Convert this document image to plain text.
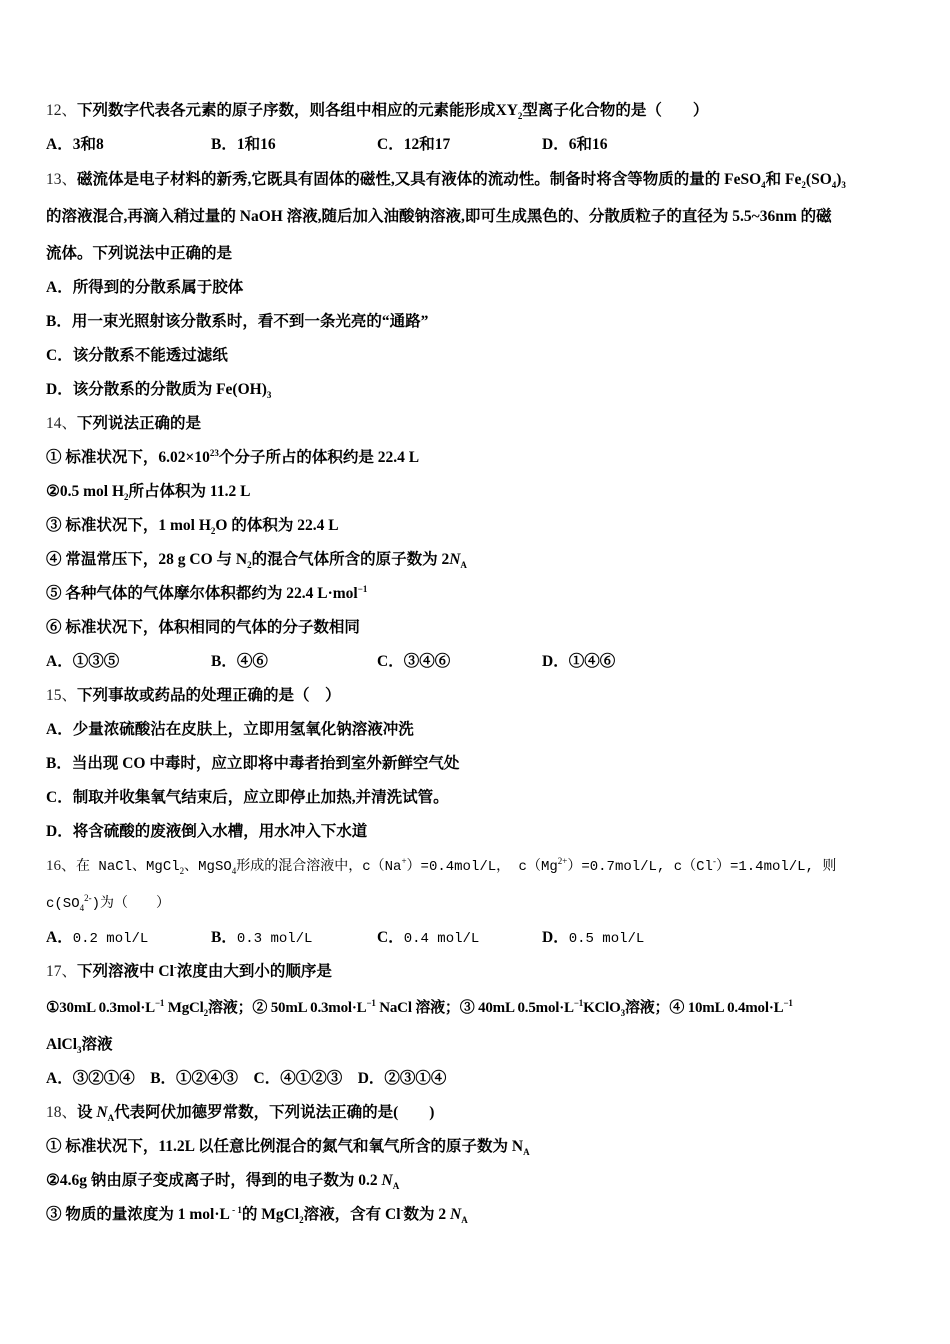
12、下列数字代表各元素的原子序数，则各组中相应的元素能形成$XY_2$型离子化合物的是（　　）
A．3和8	B．1和16	C．12和17	D．6和16
13、磁流体是电子材料的新秀,它既具有固体的磁性,又具有液体的流动性。制备时将含等物质的量的 FeSO$_4$和 $Fe_2(SO_4)_3$
的溶液混合,再滴入稍过量的 NaOH 溶液,随后加入油酸钠溶液,即可生成黑色的、分散质粒子的直径为 5.5~36nm 的磁
流体。下列说法中正确的是
A．所得到的分散系属于胶体
B．用一束光照射该分散系时，看不到一条光亮的“通路”
C．该分散系不能透过滤纸
D．该分散系的分散质为 $Fe(OH)_3$
14、下列说法正确的是
① 标准状况下，$6.02\times 10^{23}$个分子所占的体积约是 22.4 L
②0.5 mol $H_2$所占体积为 11.2 L
③ 标准状况下，1 mol $H_2O$ 的体积为 22.4 L
④ 常温常压下，28 g CO 与 $N_2$的混合气体所含的原子数为 $2N_A$
⑤ 各种气体的气体摩尔体积都约为 22.4 L·mol$^{-1}$
⑥ 标准状况下，体积相同的气体的分子数相同
A．①③⑤	B．④⑥	C．③④⑥	D．①④⑥
15、下列事故或药品的处理正确的是（　）
A．少量浓硫酸沾在皮肤上，立即用氢氧化钠溶液冲洗
B．当出现 CO 中毒时，应立即将中毒者抬到室外新鲜空气处
C．制取并收集氧气结束后，应立即停止加热,并清洗试管。
D．将含硫酸的废液倒入水槽，用水冲入下水道
16、在 NaCl、MgCl$_2$、MgSO$_4$形成的混合溶液中，c（Na+）=0.4mol/L， $c(Mg^{2+})=0.7mol/L$, c（Cl-）=1.4mol/L, 则
$c(SO_4^{2-})$为（　　）
A．0.2 mol/L	B．0.3 mol/L	C．0.4 mol/L	D．0.5 mol/L
17、下列溶液中 Cl-浓度由大到小的顺序是
①30mL $0.3mol\cdot L^{-1}$ MgCl$_2$溶液；② 50mL $0.3mol\cdot L^{-1}$ NaCl 溶液；③ 40mL $0.5mol\cdot L^{-1}KClO_3$溶液；④ 10mL $0.4mol\cdot L^{-1}$
AlCl$_3$溶液
A．③②①④　B．①②④③　C．④①②③　D．②③①④
18、设 $N_A$代表阿伏加德罗常数，下列说法正确的是(　　)
① 标准状况下，11.2L 以任意比例混合的氮气和氧气所含的原子数为 $N_A$
②4.6g 钠由原子变成离子时，得到的电子数为 0.2 $N_A$
③ 物质的量浓度为 1 mol·L $^{- 1}$的 MgCl$_2$溶液，含有 Cl-数为 2 $N_A$
